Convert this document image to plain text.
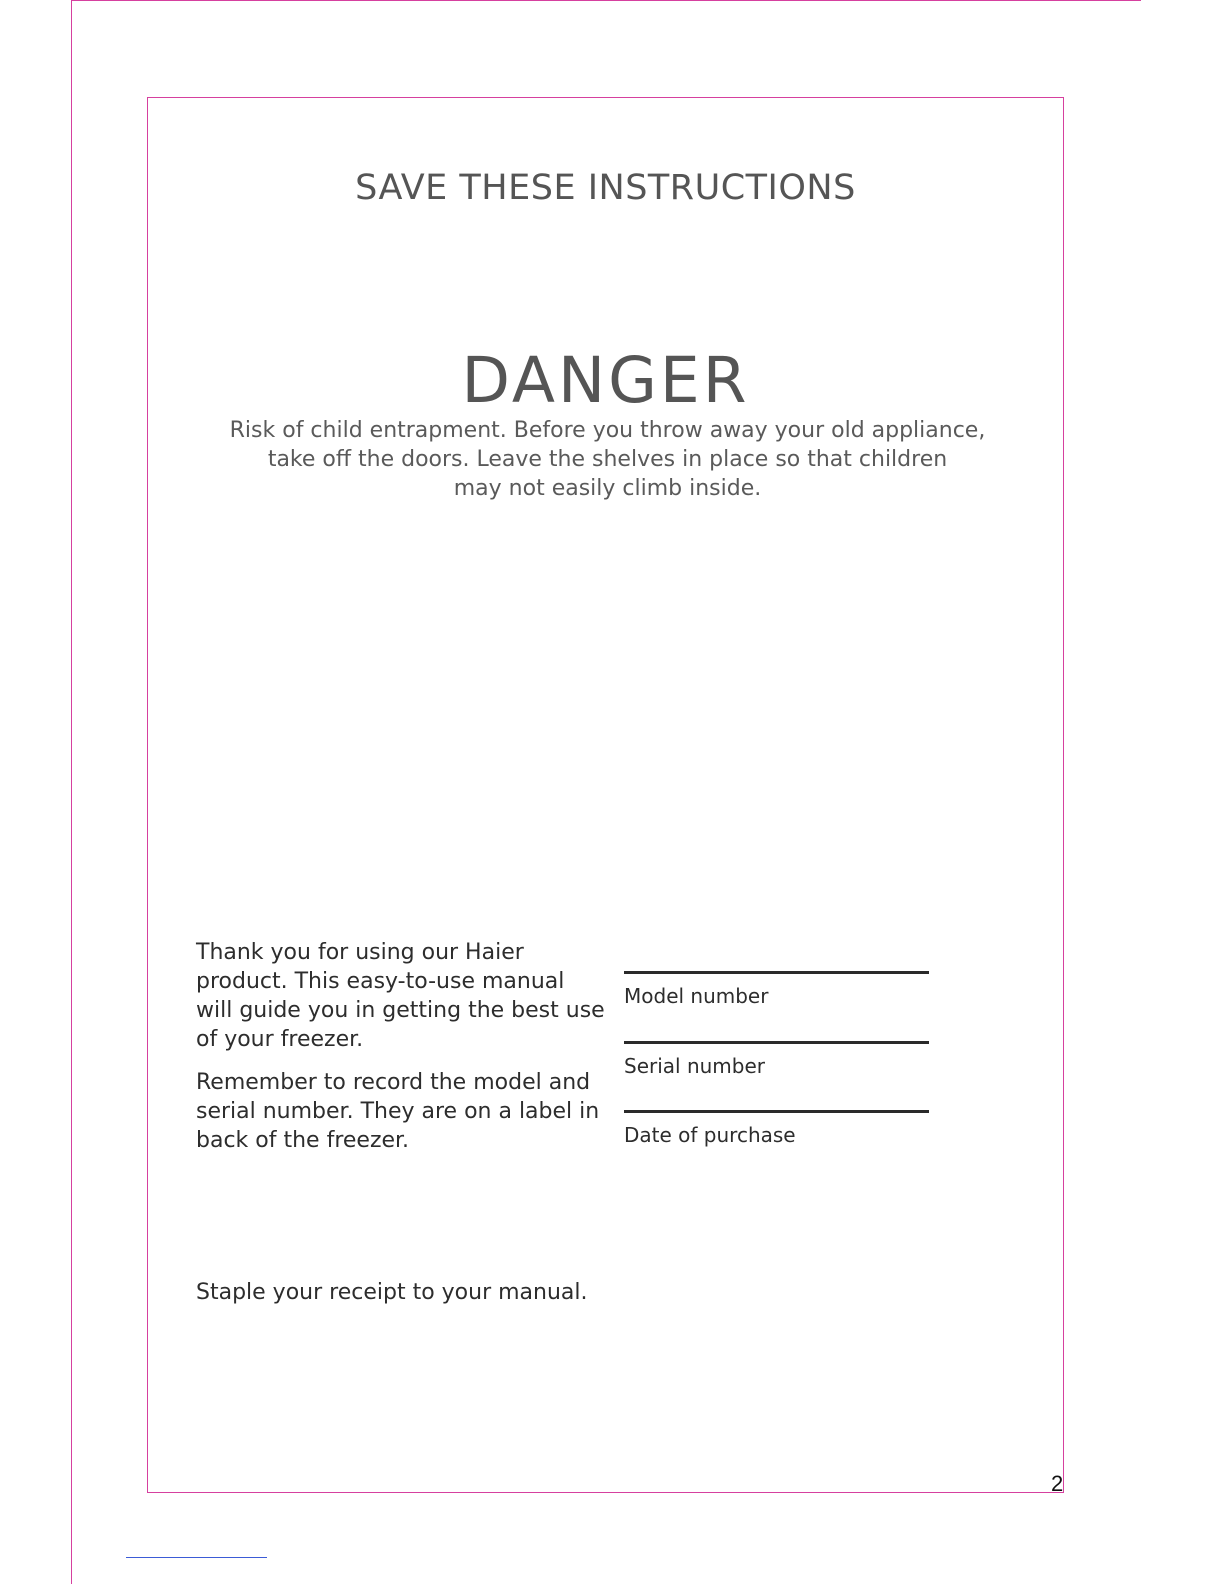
SAVE THESE INSTRUCTIONS
DANGER
Risk of child entrapment. Before you throw away your old appliance,
take off the doors. Leave the shelves in place so that children
may not easily climb inside.

Thank you for using our Haier product. This easy-to-use manual will guide you in getting the best use of your freezer.

Remember to record the model and serial number. They are on a label in back of the freezer.

Staple your receipt to your manual.
Model number
Serial number
Date of purchase
2
